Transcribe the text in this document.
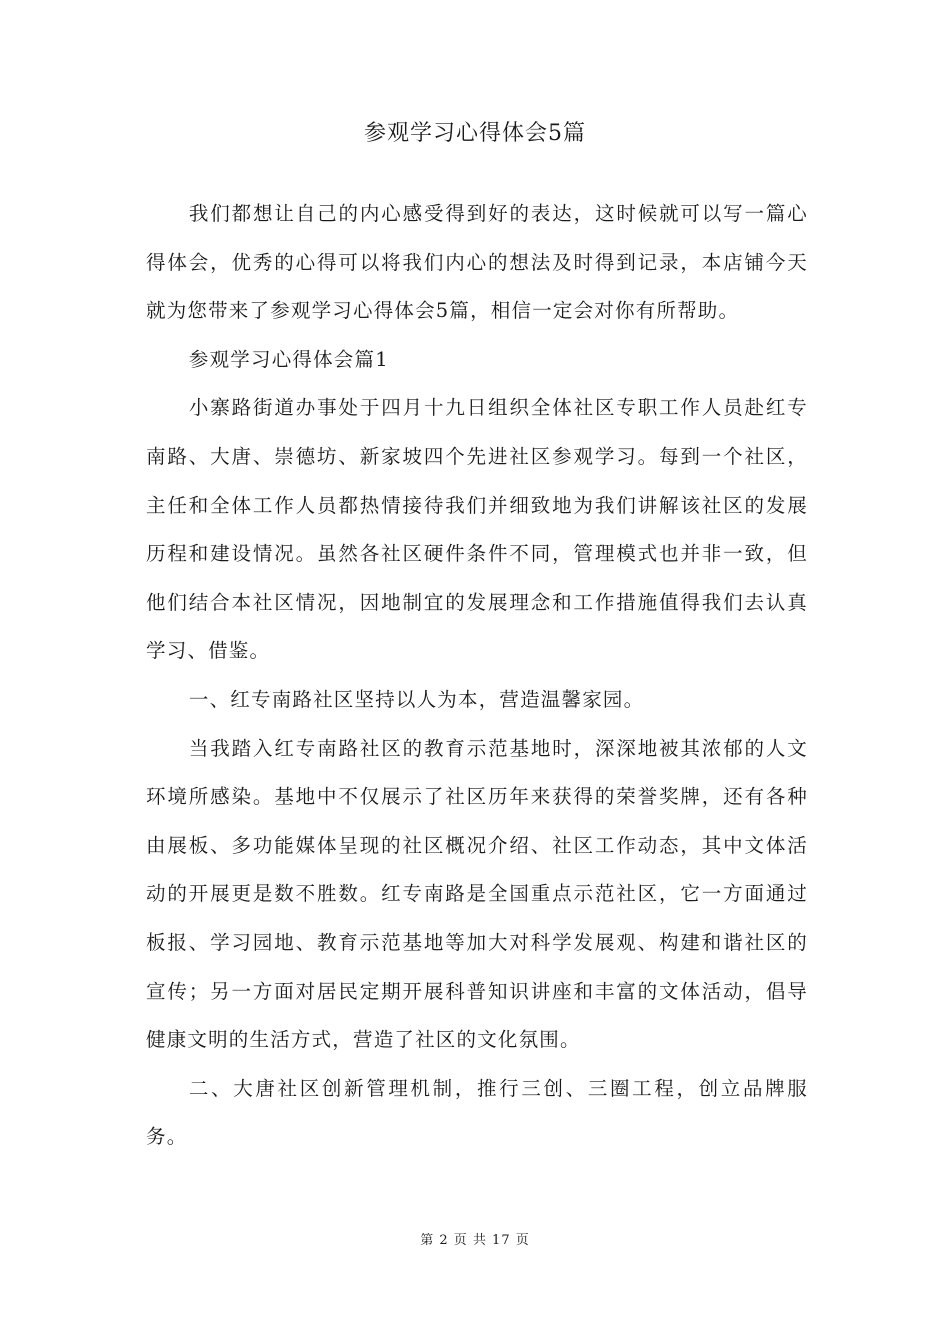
参观学习心得体会5篇

我们都想让自己的内心感受得到好的表达，这时候就可以写一篇心得体会，优秀的心得可以将我们内心的想法及时得到记录，本店铺今天就为您带来了参观学习心得体会5篇，相信一定会对你有所帮助。

参观学习心得体会篇1

小寨路街道办事处于四月十九日组织全体社区专职工作人员赴红专南路、大唐、崇德坊、新家坡四个先进社区参观学习。每到一个社区，主任和全体工作人员都热情接待我们并细致地为我们讲解该社区的发展历程和建设情况。虽然各社区硬件条件不同，管理模式也并非一致，但他们结合本社区情况，因地制宜的发展理念和工作措施值得我们去认真学习、借鉴。

一、红专南路社区坚持以人为本，营造温馨家园。

当我踏入红专南路社区的教育示范基地时，深深地被其浓郁的人文环境所感染。基地中不仅展示了社区历年来获得的荣誉奖牌，还有各种由展板、多功能媒体呈现的社区概况介绍、社区工作动态，其中文体活动的开展更是数不胜数。红专南路是全国重点示范社区，它一方面通过板报、学习园地、教育示范基地等加大对科学发展观、构建和谐社区的宣传；另一方面对居民定期开展科普知识讲座和丰富的文体活动，倡导健康文明的生活方式，营造了社区的文化氛围。

二、大唐社区创新管理机制，推行三创、三圈工程，创立品牌服务。

第 2 页 共 17 页
